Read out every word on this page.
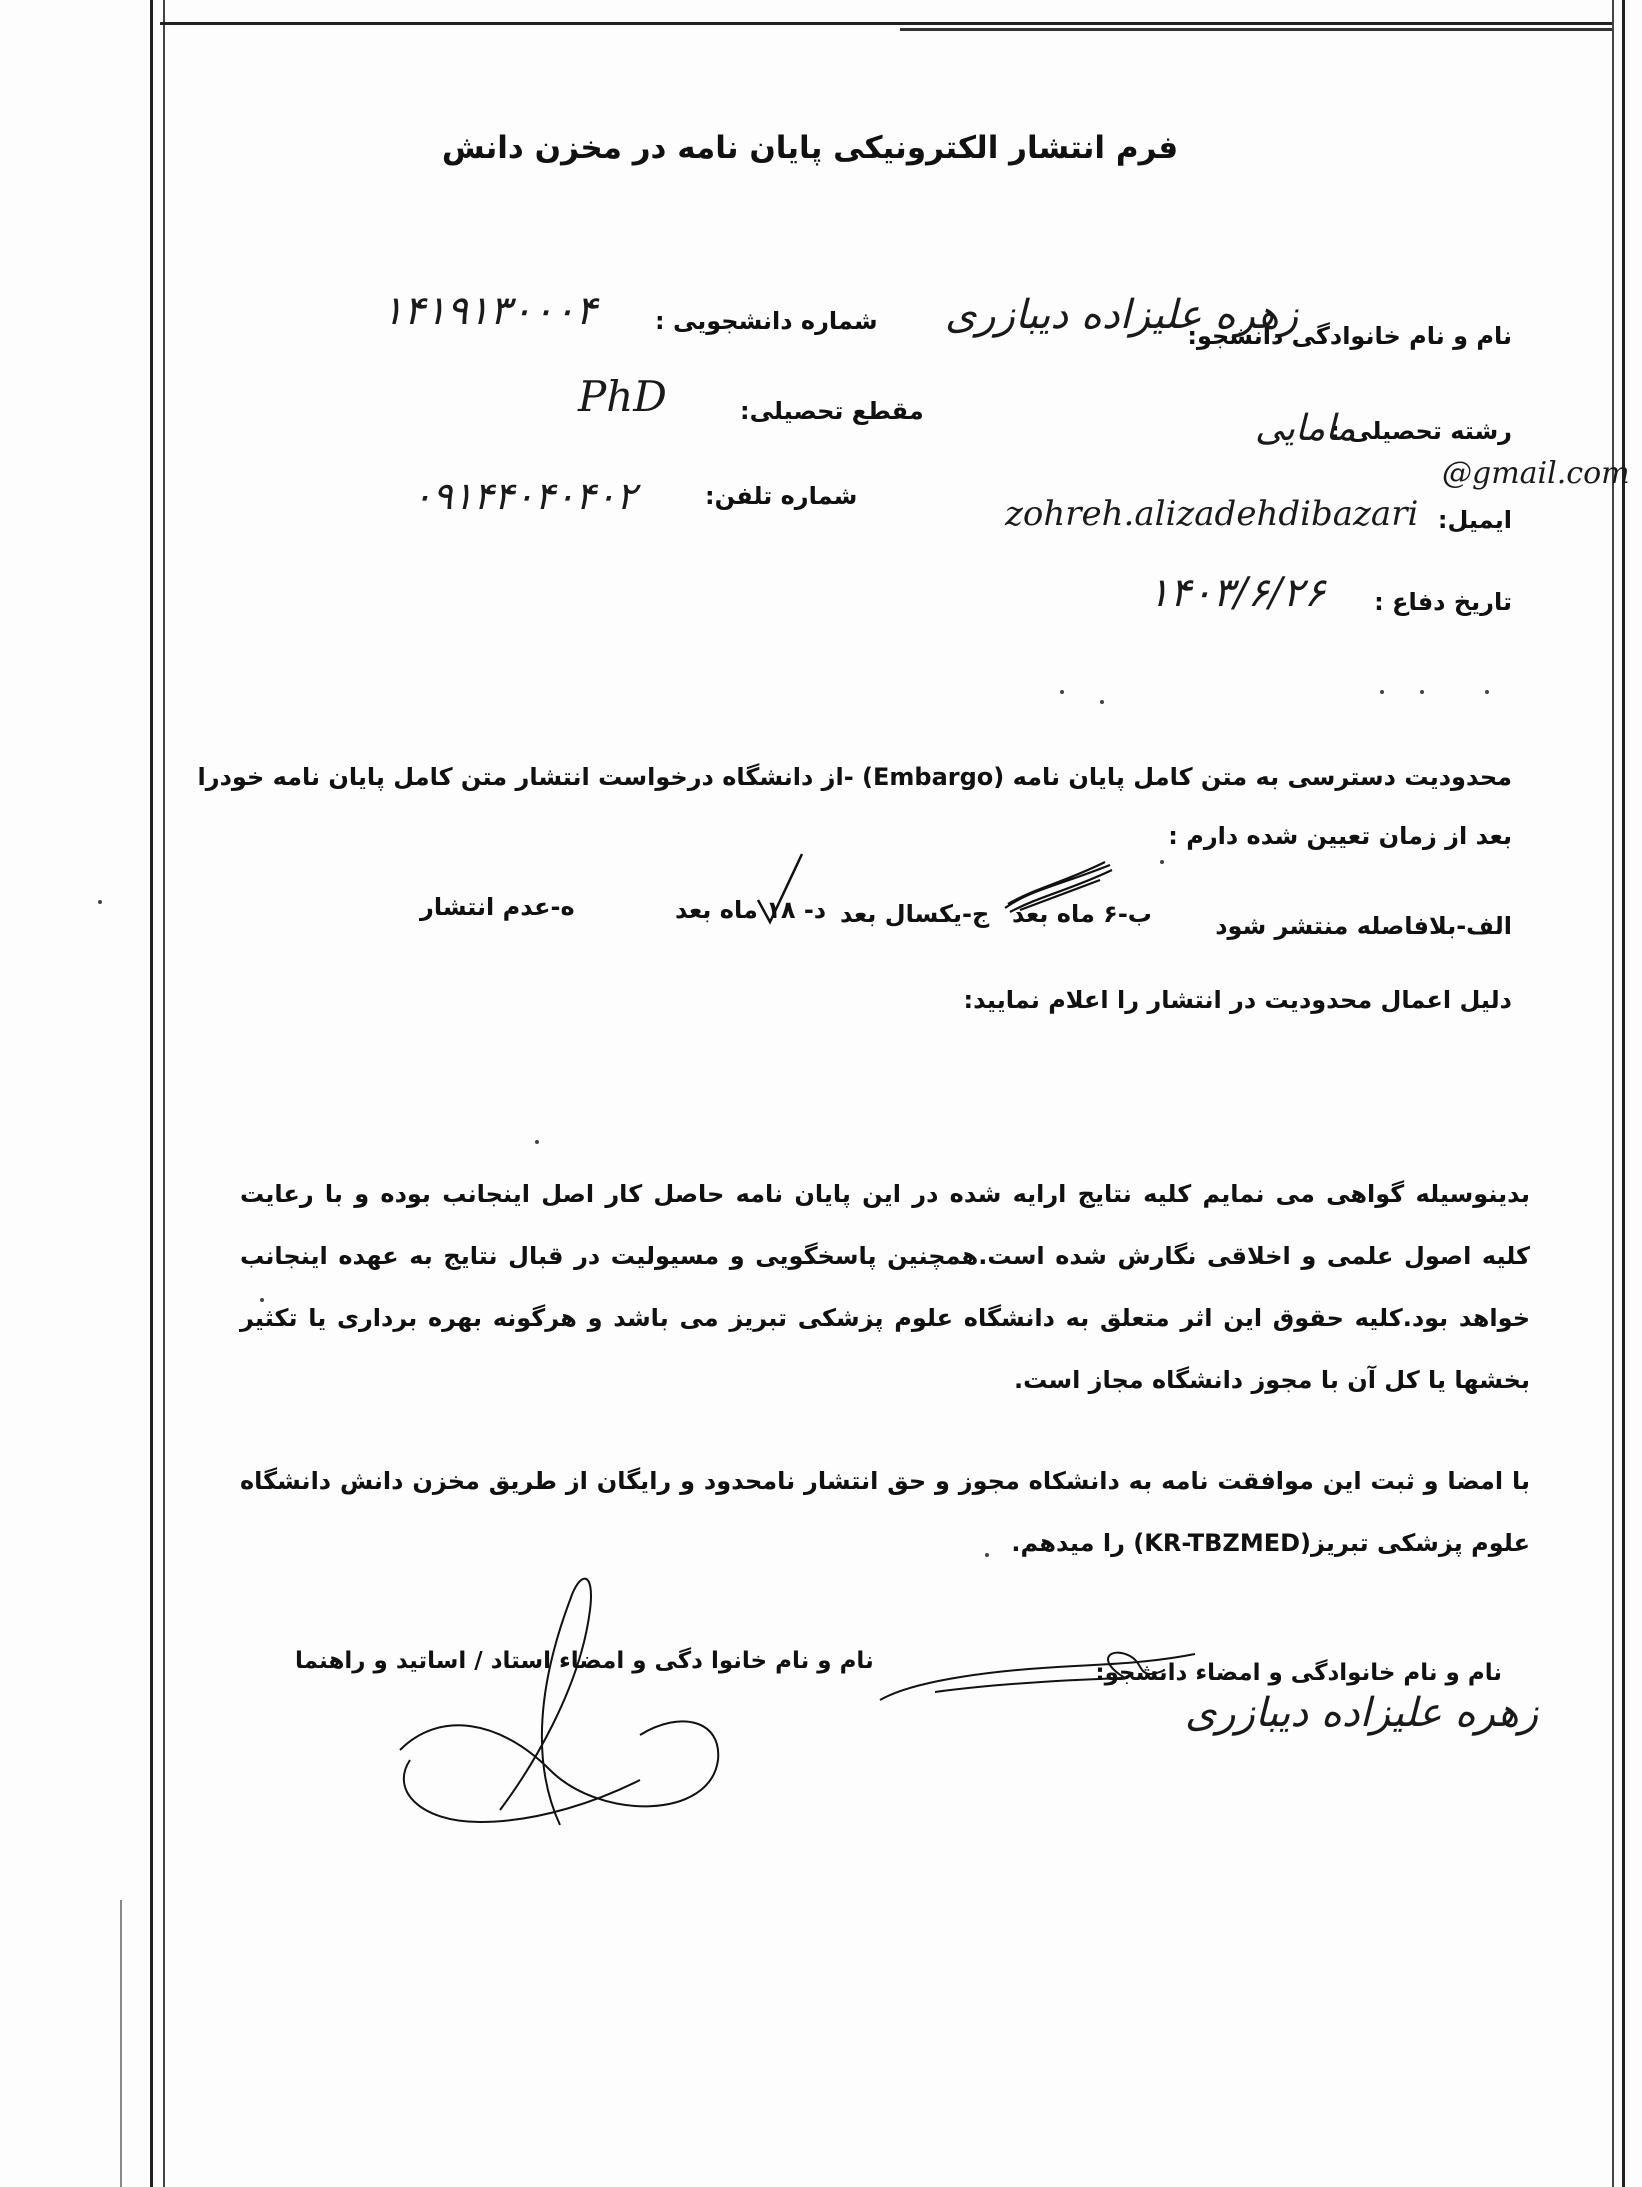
فرم انتشار الکترونیکی پایان نامه در مخزن دانش
نام و نام خانوادگی دانشجو:
زهره علیزاده دیبازری
شماره دانشجویی :
۱۴۱۹۱۳۰۰۰۴
مقطع تحصیلی:
PhD
رشته تحصیلی :
مامایی
شماره تلفن:
۰۹۱۴۴۰۴۰۴۰۲
ایمیل:
zohreh.alizadehdibazari
@gmail.com
تاریخ دفاع :
۱۴۰۳/۶/۲۶
محدودیت دسترسی به متن کامل پایان نامه (Embargo) -از دانشگاه درخواست انتشار متن کامل پایان نامه خودرا
بعد از زمان تعیین شده دارم :
الف-بلافاصله منتشر شود
ب-۶ ماه بعد
ج-یکسال بعد
د- ۱۸ ماه بعد
ه-عدم انتشار
دلیل اعمال محدودیت در انتشار را اعلام نمایید:
بدینوسیله گواهی می نمایم کلیه نتایج ارایه شده در این پایان نامه حاصل کار اصل اینجانب بوده و با رعایت کلیه اصول علمی و اخلاقی نگارش شده است.همچنین پاسخگویی و مسیولیت در قبال نتایج به عهده اینجانب خواهد بود.کلیه حقوق این اثر متعلق به دانشگاه علوم پزشکی تبریز می باشد و هرگونه بهره برداری یا تکثیر بخشها یا کل آن با مجوز دانشگاه مجاز است.
با امضا و ثبت این موافقت نامه به دانشکاه مجوز و حق انتشار نامحدود و رایگان از طریق مخزن دانش دانشگاه علوم پزشکی تبریز(KR-TBZMED) را میدهم.
نام و نام خانوادگی و امضاء دانشجو:
زهره علیزاده دیبازری
نام و نام خانوا دگی و امضاء استاد / اساتید و راهنما
